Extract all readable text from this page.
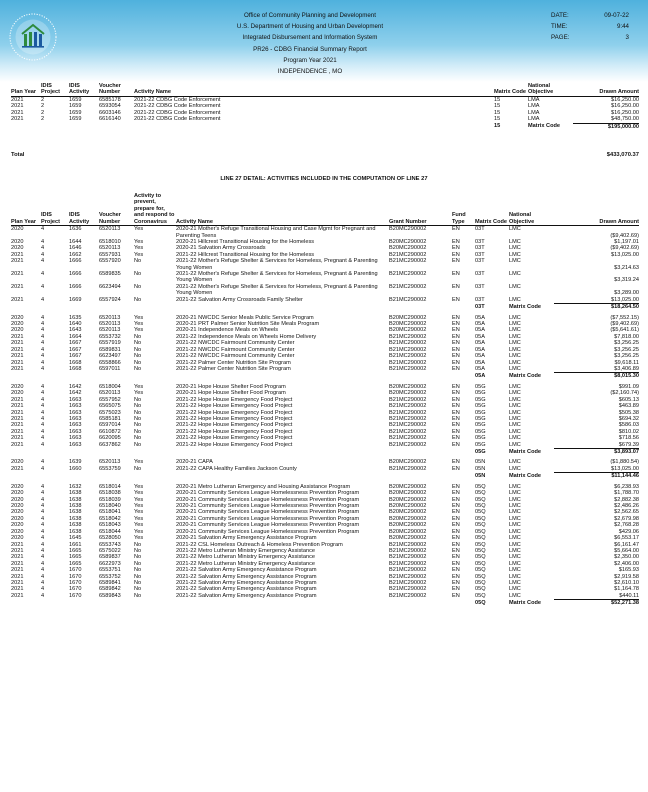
Office of Community Planning and Development
U.S. Department of Housing and Urban Development
Integrated Disbursement and Information System
PR26 - CDBG Financial Summary Report
Program Year 2021
INDEPENDENCE , MO
DATE:	09-07-22
TIME:	9:44
PAGE:	3
Plan Year	IDIS Project	IDIS Activity	Voucher Number	Activity Name	Matrix Code	National Objective	Drawn Amount
2021	2	1659	6585178	2021-22 CDBG Code Enforcement	15	LMA	$16,250.00
2021	2	1659	6593054	2021-22 CDBG Code Enforcement	15	LMA	$16,250.00
2021	2	1659	6603146	2021-22 CDBG Code Enforcement	15	LMA	$16,250.00
2021	2	1659	6616140	2021-22 CDBG Code Enforcement	15	LMA	$48,750.00
					15	Matrix Code	$195,000.00
Total	$433,070.37
LINE 27 DETAIL: ACTIVITIES INCLUDED IN THE COMPUTATION OF LINE 27
Plan Year	IDIS Project	IDIS Activity	Voucher Number	Activity to prevent, prepare for, and respond to Coronavirus	Activity Name	Grant Number	Fund Type	Matrix Code	National Objective	Drawn Amount
2020	4	1636	6520113	Yes	2020-21 Mother's Refuge Transitional Housing and Case Mgmt for Pregnant and Parenting Teens	B20MC290002	EN	03T	LMC	($9,402.69)
2020	4	1644	6518010	Yes	2020-21 Hillcrest Transitional Housing for the Homeless	B20MC290002	EN	03T	LMC	$1,197.01
2020	4	1646	6520113	Yes	2020-21 Salvation Army Crossroads	B20MC290002	EN	03T	LMC	($9,402.69)
2021	4	1662	6557931	Yes	2021-22 Hillcrest Transitional Housing for the Homeless	B21MC290002	EN	03T	LMC	$13,025.00
2021	4	1666	6557920	No	2021-22 Mother's Refuge Shelter & Services for Homeless, Pregnant & Parenting Young Women	B21MC290002	EN	03T	LMC	$3,214.63
2021	4	1666	6589835	No	2021-22 Mother's Refuge Shelter & Services for Homeless, Pregnant & Parenting Young Women	B21MC290002	EN	03T	LMC	$3,319.24
2021	4	1666	6623494	No	2021-22 Mother's Refuge Shelter & Services for Homeless, Pregnant & Parenting Young Women	B21MC290002	EN	03T	LMC	$3,289.00
2021	4	1669	6557924	No	2021-22 Salvation Army Crossroads Family Shelter	B21MC290002	EN	03T	LMC	$13,025.00
								03T	Matrix Code	$18,264.50

2020	4	1635	6520113	Yes	2020-21 NWCDC Senior Meals Public Service Program	B20MC290002	EN	05A	LMC	($7,552.15)
2020	4	1640	6520113	Yes	2020-21 PRT Palmer Senior Nutrition Site Meals Program	B20MC290002	EN	05A	LMC	($9,402.69)
2020	4	1643	6520113	Yes	2020-21 Independence Meals on Wheels	B20MC290002	EN	05A	LMC	($5,641.61)
2021	4	1664	6553732	No	2021-22 Independence Meals on Wheels Home Delivery	B21MC290002	EN	05A	LMC	$7,818.00
2021	4	1667	6557919	No	2021-22 NWCDC Fairmount Community Center	B21MC290002	EN	05A	LMC	$3,256.25
2021	4	1667	6589831	No	2021-22 NWCDC Fairmount Community Center	B21MC290002	EN	05A	LMC	$3,256.25
2021	4	1667	6623497	No	2021-22 NWCDC Fairmount Community Center	B21MC290002	EN	05A	LMC	$3,256.25
2021	4	1668	6558866	No	2021-22 Palmer Center Nutrition Site Program	B21MC290002	EN	05A	LMC	$9,618.11
2021	4	1668	6597011	No	2021-22 Palmer Center Nutrition Site Program	B21MC290002	EN	05A	LMC	$3,406.89
								05A	Matrix Code	$8,015.30

2020	4	1642	6518004	Yes	2020-21 Hope House Shelter Food Program	B20MC290002	EN	05G	LMC	$991.09
2020	4	1642	6520113	Yes	2020-21 Hope House Shelter Food Program	B20MC290002	EN	05G	LMC	($2,160.74)
2021	4	1663	6557952	No	2021-22 Hope House Emergency Food Project	B21MC290002	EN	05G	LMC	$605.13
2021	4	1663	6565075	No	2021-22 Hope House Emergency Food Project	B21MC290002	EN	05G	LMC	$463.89
2021	4	1663	6575023	No	2021-22 Hope House Emergency Food Project	B21MC290002	EN	05G	LMC	$505.38
2021	4	1663	6585181	No	2021-22 Hope House Emergency Food Project	B21MC290002	EN	05G	LMC	$694.32
2021	4	1663	6597014	No	2021-22 Hope House Emergency Food Project	B21MC290002	EN	05G	LMC	$586.03
2021	4	1663	6610872	No	2021-22 Hope House Emergency Food Project	B21MC290002	EN	05G	LMC	$810.02
2021	4	1663	6620095	No	2021-22 Hope House Emergency Food Project	B21MC290002	EN	05G	LMC	$718.56
2021	4	1663	6637862	No	2021-22 Hope House Emergency Food Project	B21MC290002	EN	05G	LMC	$679.39
								05G	Matrix Code	$3,893.07

2020	4	1639	6520113	Yes	2020-21 CAPA	B20MC290002	EN	05N	LMC	($1,880.54)
2021	4	1660	6553759	No	2021-22 CAPA Healthy Families Jackson County	B21MC290002	EN	05N	LMC	$13,025.00
								05N	Matrix Code	$11,144.46

2020	4	1632	6518014	Yes	2020-21 Metro Lutheran Emergency and Housing Assistance Program	B20MC290002	EN	05Q	LMC	$6,238.93
2020	4	1638	6518038	Yes	2020-21 Community Services League Homelessness Prevention Program	B20MC290002	EN	05Q	LMC	$1,788.70
2020	4	1638	6518039	Yes	2020-21 Community Services League Homelessness Prevention Program	B20MC290002	EN	05Q	LMC	$2,882.38
2020	4	1638	6518040	Yes	2020-21 Community Services League Homelessness Prevention Program	B20MC290002	EN	05Q	LMC	$2,486.26
2020	4	1638	6518041	Yes	2020-21 Community Services League Homelessness Prevention Program	B20MC290002	EN	05Q	LMC	$2,562.65
2020	4	1638	6518042	Yes	2020-21 Community Services League Homelessness Prevention Program	B20MC290002	EN	05Q	LMC	$2,679.98
2020	4	1638	6518043	Yes	2020-21 Community Services League Homelessness Prevention Program	B20MC290002	EN	05Q	LMC	$2,768.28
2020	4	1638	6518044	Yes	2020-21 Community Services League Homelessness Prevention Program	B20MC290002	EN	05Q	LMC	$429.06
2020	4	1645	6528050	Yes	2020-21 Salvation Army Emergency Assistance Program	B20MC290002	EN	05Q	LMC	$6,553.17
2021	4	1661	6553743	No	2021-22 CSL Homeless Outreach & Homeless Prevention Program	B21MC290002	EN	05Q	LMC	$6,161.47
2021	4	1665	6575022	No	2021-22 Metro Lutheran Ministry Emergency Assistance	B21MC290002	EN	05Q	LMC	$5,664.00
2021	4	1665	6589837	No	2021-22 Metro Lutheran Ministry Emergency Assistance	B21MC290002	EN	05Q	LMC	$2,350.00
2021	4	1665	6622973	No	2021-22 Metro Lutheran Ministry Emergency Assistance	B21MC290002	EN	05Q	LMC	$2,406.00
2021	4	1670	6553751	No	2021-22 Salvation Army Emergency Assistance Program	B21MC290002	EN	05Q	LMC	$165.93
2021	4	1670	6553752	No	2021-22 Salvation Army Emergency Assistance Program	B21MC290002	EN	05Q	LMC	$2,919.58
2021	4	1670	6589841	No	2021-22 Salvation Army Emergency Assistance Program	B21MC290002	EN	05Q	LMC	$2,610.10
2021	4	1670	6589842	No	2021-22 Salvation Army Emergency Assistance Program	B21MC290002	EN	05Q	LMC	$1,164.78
2021	4	1670	6589843	No	2021-22 Salvation Army Emergency Assistance Program	B21MC290002	EN	05Q	LMC	$440.11
								05Q	Matrix Code	$52,271.38
